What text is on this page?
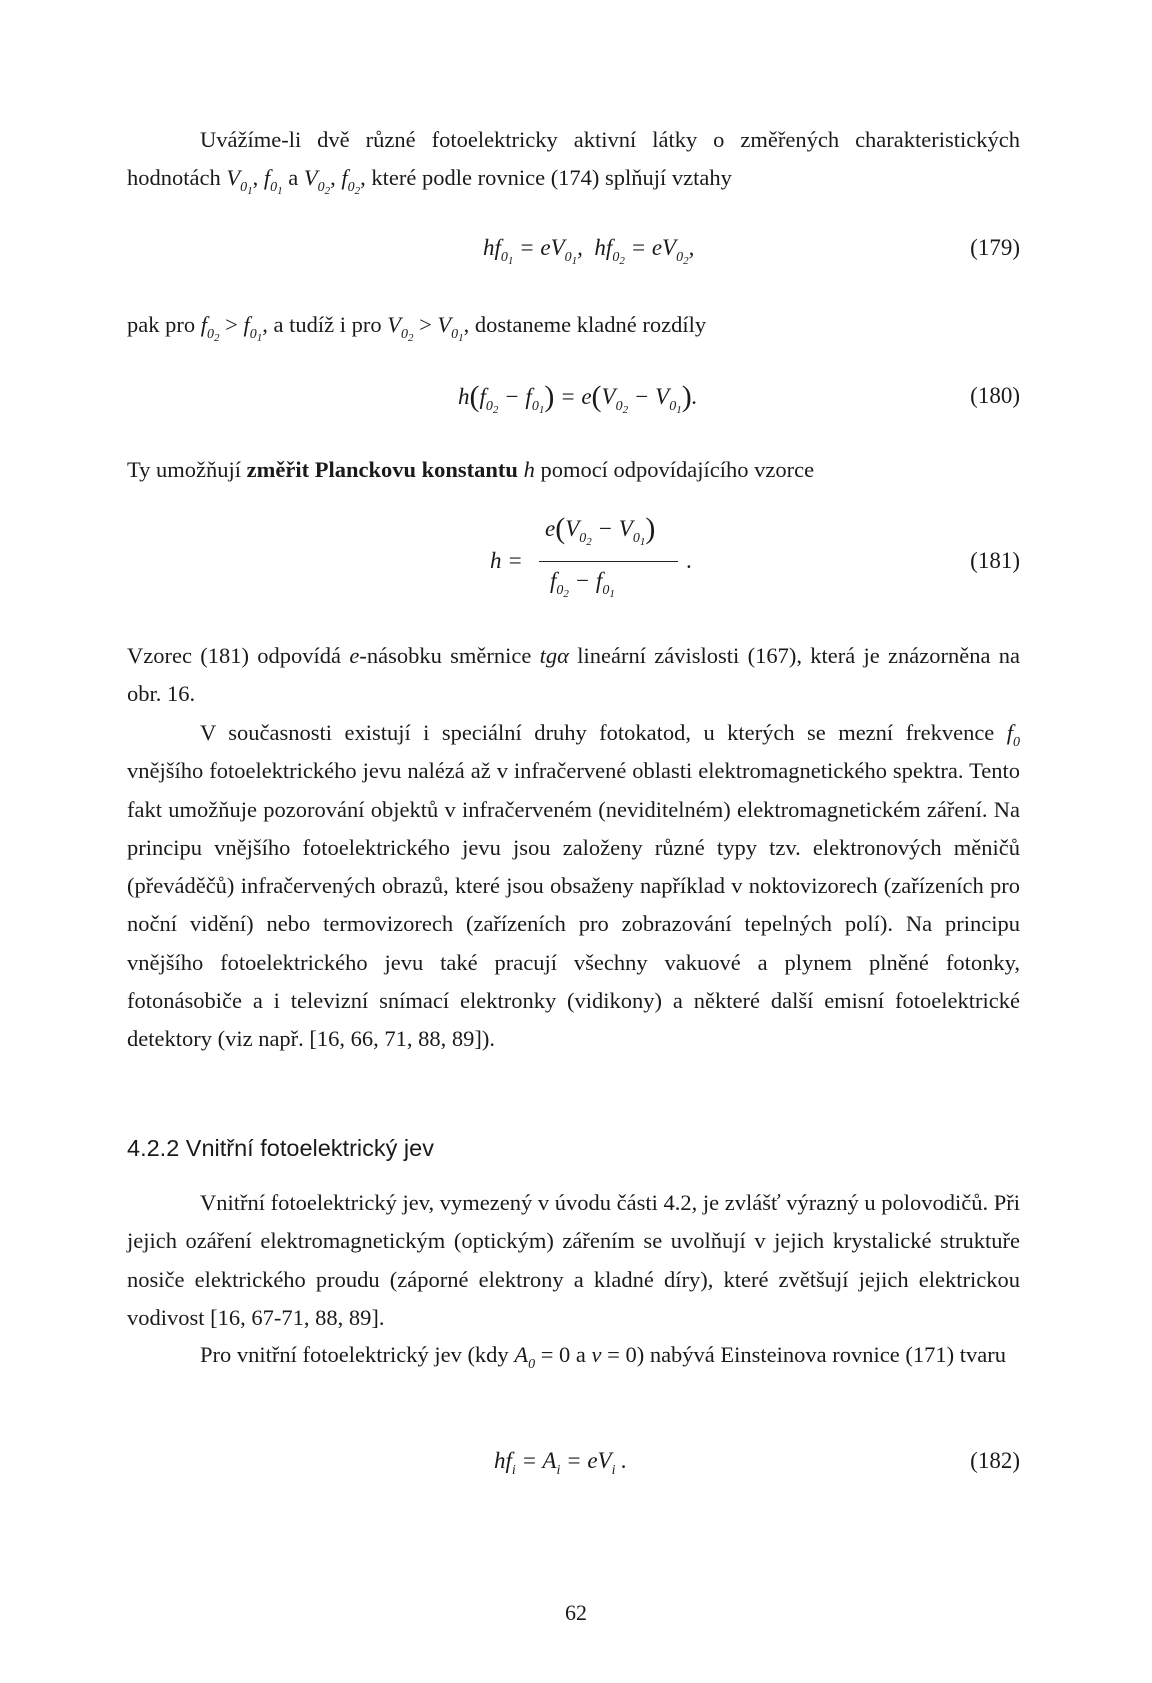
Uvážíme-li dvě různé fotoelektricky aktivní látky o změřených charakteristických hodnotách $V_{0_1}$, $f_{0_1}$ a $V_{0_2}$, $f_{0_2}$, které podle rovnice (174) splňují vztahy

$hf_{0_1} = eV_{0_1}$,  $hf_{0_2} = eV_{0_2}$,	(179)

pak pro $f_{0_2} > f_{0_1}$, a tudíž i pro $V_{0_2} > V_{0_1}$, dostaneme kladné rozdíly

$h(f_{0_2} - f_{0_1}) = e(V_{0_2} - V_{0_1})$.	(180)

Ty umožňují změřit Planckovu konstantu h pomocí odpovídajícího vzorce

h =
$e(V_{0_2} - V_{0_1})$
$f_{0_2} - f_{0_1}$
.	(181)

Vzorec (181) odpovídá e-násobku směrnice tgα lineární závislosti (167), která je znázorněna na obr. 16.

V současnosti existují i speciální druhy fotokatod, u kterých se mezní frekvence $f_0$ vnějšího fotoelektrického jevu nalézá až v infračervené oblasti elektromagnetického spektra. Tento fakt umožňuje pozorování objektů v infračerveném (neviditelném) elektromagnetickém záření. Na principu vnějšího fotoelektrického jevu jsou založeny různé typy tzv. elektronových měničů (převáděčů) infračervených obrazů, které jsou obsaženy například v noktovizorech (zařízeních pro noční vidění) nebo termovizorech (zařízeních pro zobrazování tepelných polí). Na principu vnějšího fotoelektrického jevu také pracují všechny vakuové a plynem plněné fotonky, fotonásobiče a i televizní snímací elektronky (vidikony) a některé další emisní fotoelektrické detektory (viz např. [16, 66, 71, 88, 89]).

4.2.2 Vnitřní fotoelektrický jev

Vnitřní fotoelektrický jev, vymezený v úvodu části 4.2, je zvlášť výrazný u polovodičů. Při jejich ozáření elektromagnetickým (optickým) zářením se uvolňují v jejich krystalické struktuře nosiče elektrického proudu (záporné elektrony a kladné díry), které zvětšují jejich elektrickou vodivost [16, 67-71, 88, 89].

Pro vnitřní fotoelektrický jev (kdy $A_0 = 0$ a v = 0) nabývá Einsteinova rovnice (171) tvaru

$hf_i = A_i = eV_i$ .	(182)
62
